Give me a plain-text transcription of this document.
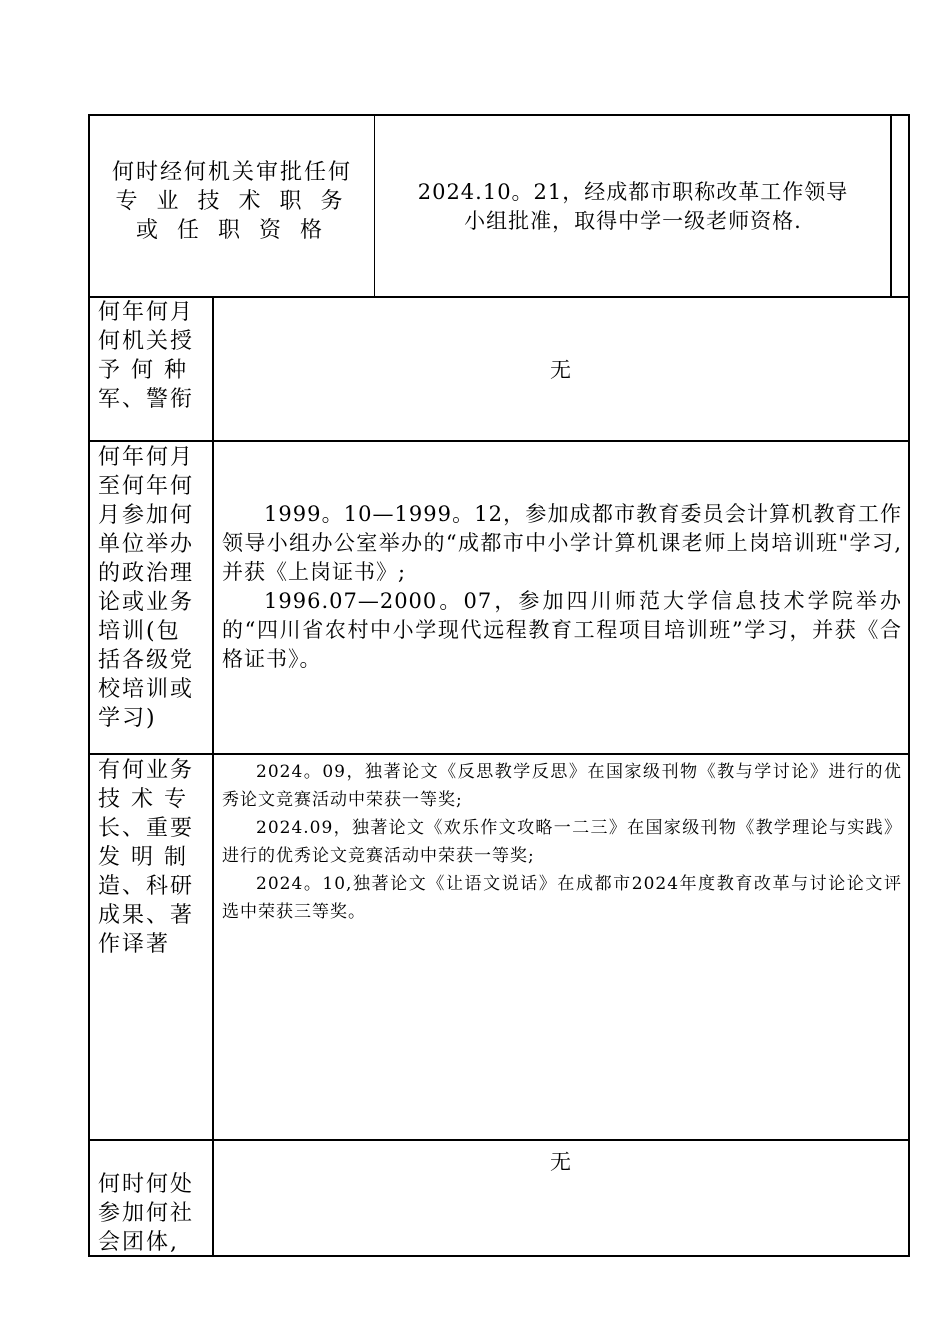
何时经何机关审批任何
专 业 技 术 职 务
或 任 职 资 格
2024.10。21，经成都市职称改革工作领导
小组批准，取得中学一级老师资格.
何年何月
何机关授
予 何 种
军、警衔
无
何年何月
至何年何
月参加何
单位举办
的政治理
论或业务
培训(包
括各级党
校培训或
学习)
1999。10—1999。12，参加成都市教育委员会计算机教育工作领导小组办公室举办的“成都市中小学计算机课老师上岗培训班"学习,并获《上岗证书》;
1996.07—2000。07，参加四川师范大学信息技术学院举办的“四川省农村中小学现代远程教育工程项目培训班”学习，并获《合格证书》。
有何业务
技 术 专
长、重要
发 明 制
造、科研
成果、著
作译著
2024。09，独著论文《反思教学反思》在国家级刊物《教与学讨论》进行的优秀论文竞赛活动中荣获一等奖;
2024.09，独著论文《欢乐作文攻略一二三》在国家级刊物《教学理论与实践》进行的优秀论文竞赛活动中荣获一等奖;
2024。10,独著论文《让语文说话》在成都市2024年度教育改革与讨论论文评选中荣获三等奖。
何时何处
参加何社
会团体,
无
